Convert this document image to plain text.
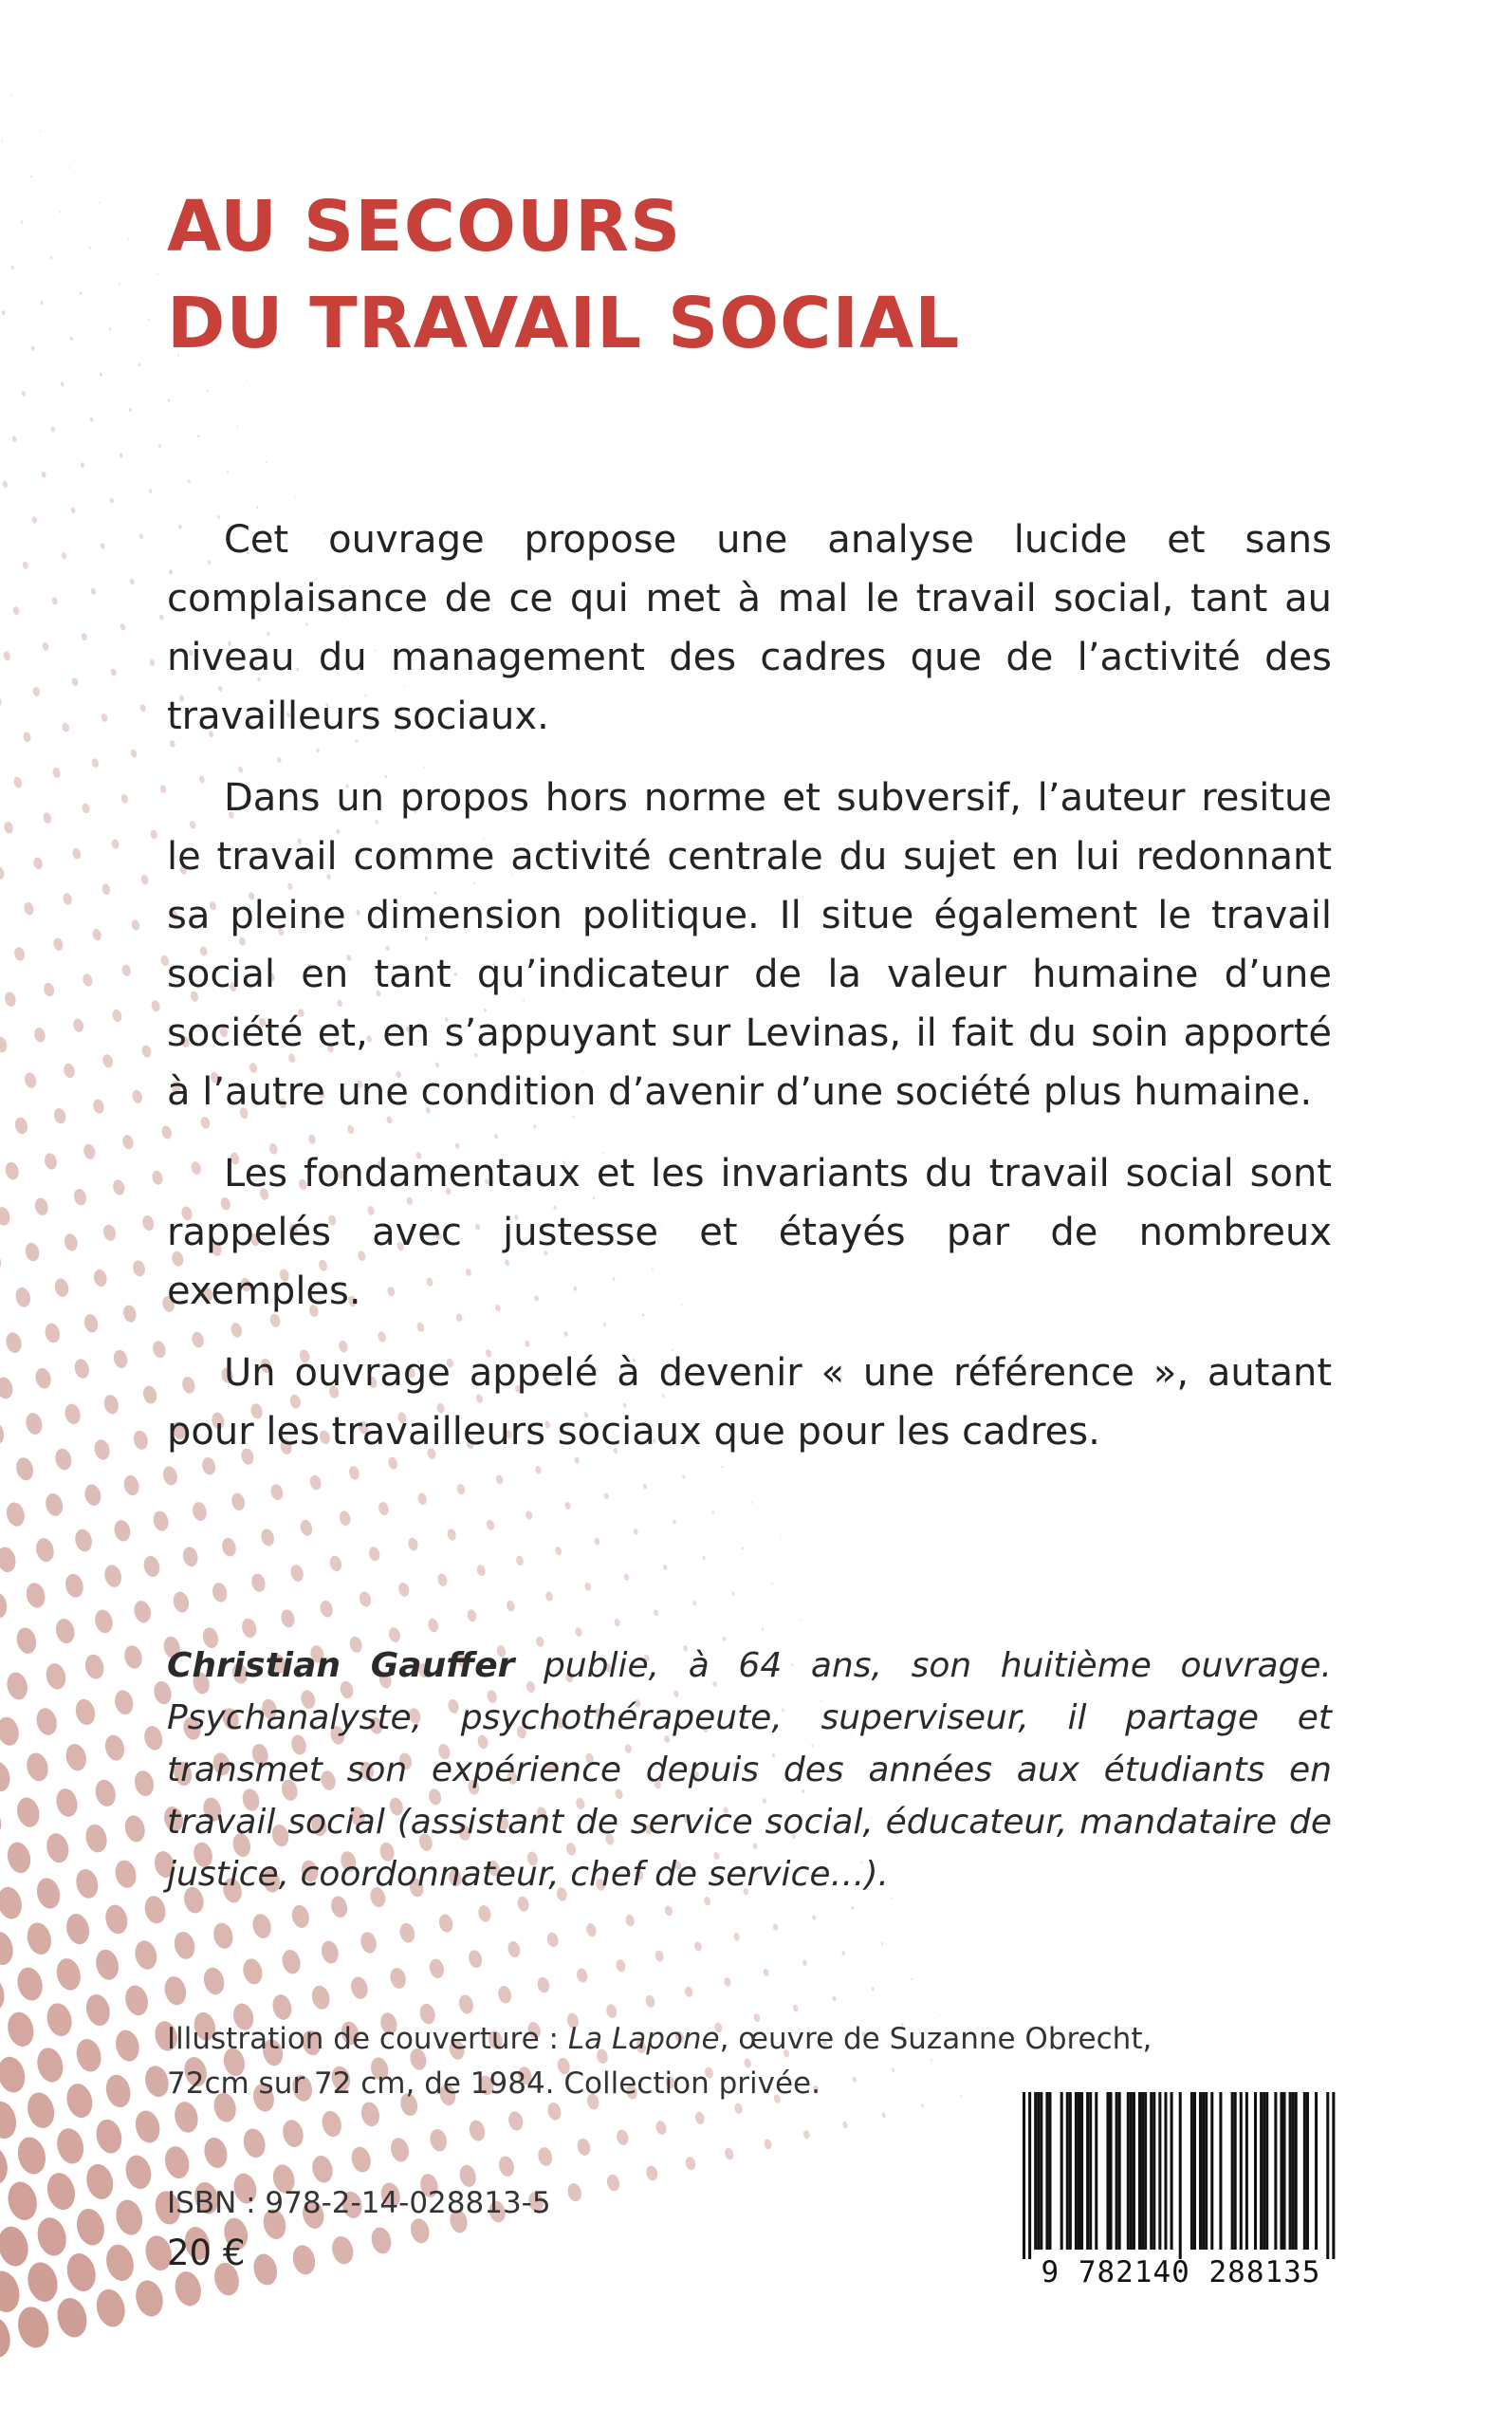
AU SECOURS
DU TRAVAIL SOCIAL

Cet ouvrage propose une analyse lucide et sans complaisance de ce qui met à mal le travail social, tant au niveau du management des cadres que de l’activité des travailleurs sociaux.

Dans un propos hors norme et subversif, l’auteur resitue le travail comme activité centrale du sujet en lui redonnant sa pleine dimension politique. Il situe également le travail social en tant qu’indicateur de la valeur humaine d’une société et, en s’appuyant sur Levinas, il fait du soin apporté à l’autre une condition d’avenir d’une société plus humaine.

Les fondamentaux et les invariants du travail social sont rappelés avec justesse et étayés par de nombreux exemples.

Un ouvrage appelé à devenir « une référence », autant pour les travailleurs sociaux que pour les cadres.

Christian Gauffer publie, à 64 ans, son huitième ouvrage. Psychanalyste, psychothérapeute, superviseur, il partage et transmet son expérience depuis des années aux étudiants en travail social (assistant de service social, éducateur, mandataire de justice, coordonnateur, chef de service…).

Illustration de couverture : La Lapone, œuvre de Suzanne Obrecht,
72cm sur 72 cm, de 1984. Collection privée.
ISBN : 978-2-14-028813-5
20 €	9 782140 288135
